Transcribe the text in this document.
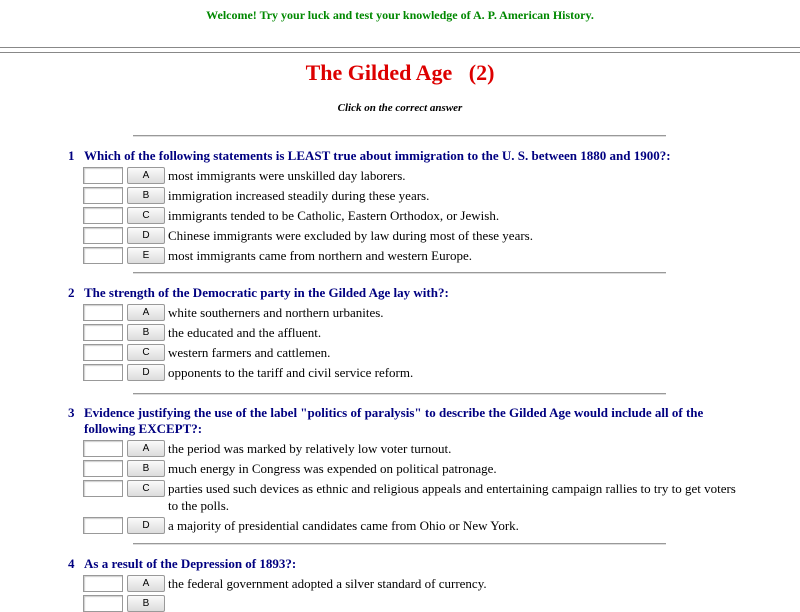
Welcome! Try your luck and test your knowledge of A. P. American History.
The Gilded Age   (2)
Click on the correct answer
1 Which of the following statements is LEAST true about immigration to the U. S. between 1880 and 1900?:
A	most immigrants were unskilled day laborers.
B	immigration increased steadily during these years.
C	immigrants tended to be Catholic, Eastern Orthodox, or Jewish.
D	Chinese immigrants were excluded by law during most of these years.
E	most immigrants came from northern and western Europe.
2 The strength of the Democratic party in the Gilded Age lay with?:
A	white southerners and northern urbanites.
B	the educated and the affluent.
C	western farmers and cattlemen.
D	opponents to the tariff and civil service reform.
3 Evidence justifying the use of the label "politics of paralysis" to describe the Gilded Age would include all of the following EXCEPT?:
A	the period was marked by relatively low voter turnout.
B	much energy in Congress was expended on political patronage.
C	parties used such devices as ethnic and religious appeals and entertaining campaign rallies to try to get voters to the polls.
D	a majority of presidential candidates came from Ohio or New York.
4 As a result of the Depression of 1893?:
A	the federal government adopted a silver standard of currency.
B
